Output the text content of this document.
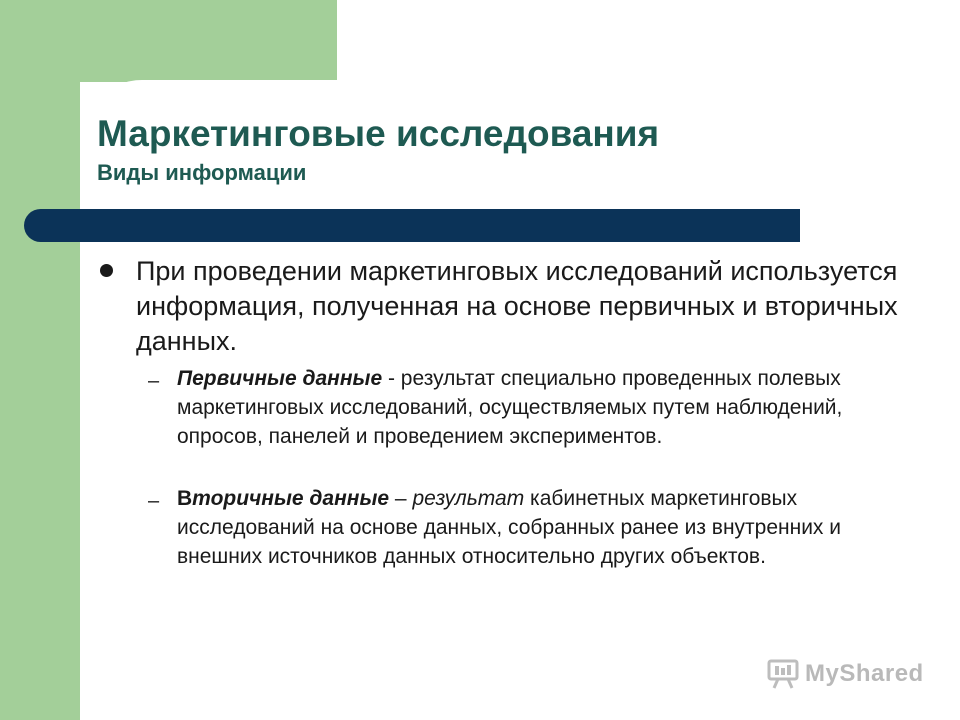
Маркетинговые исследования
Виды информации

При проведении маркетинговых исследований используется информация, полученная на основе первичных и вторичных данных.

– Первичные данные - результат специально проведенных полевых маркетинговых исследований, осуществляемых путем наблюдений, опросов, панелей и проведением экспериментов.

– Вторичные данные – результат кабинетных маркетинговых исследований на основе данных, собранных ранее из внутренних и внешних источников данных относительно других объектов.

MyShared
